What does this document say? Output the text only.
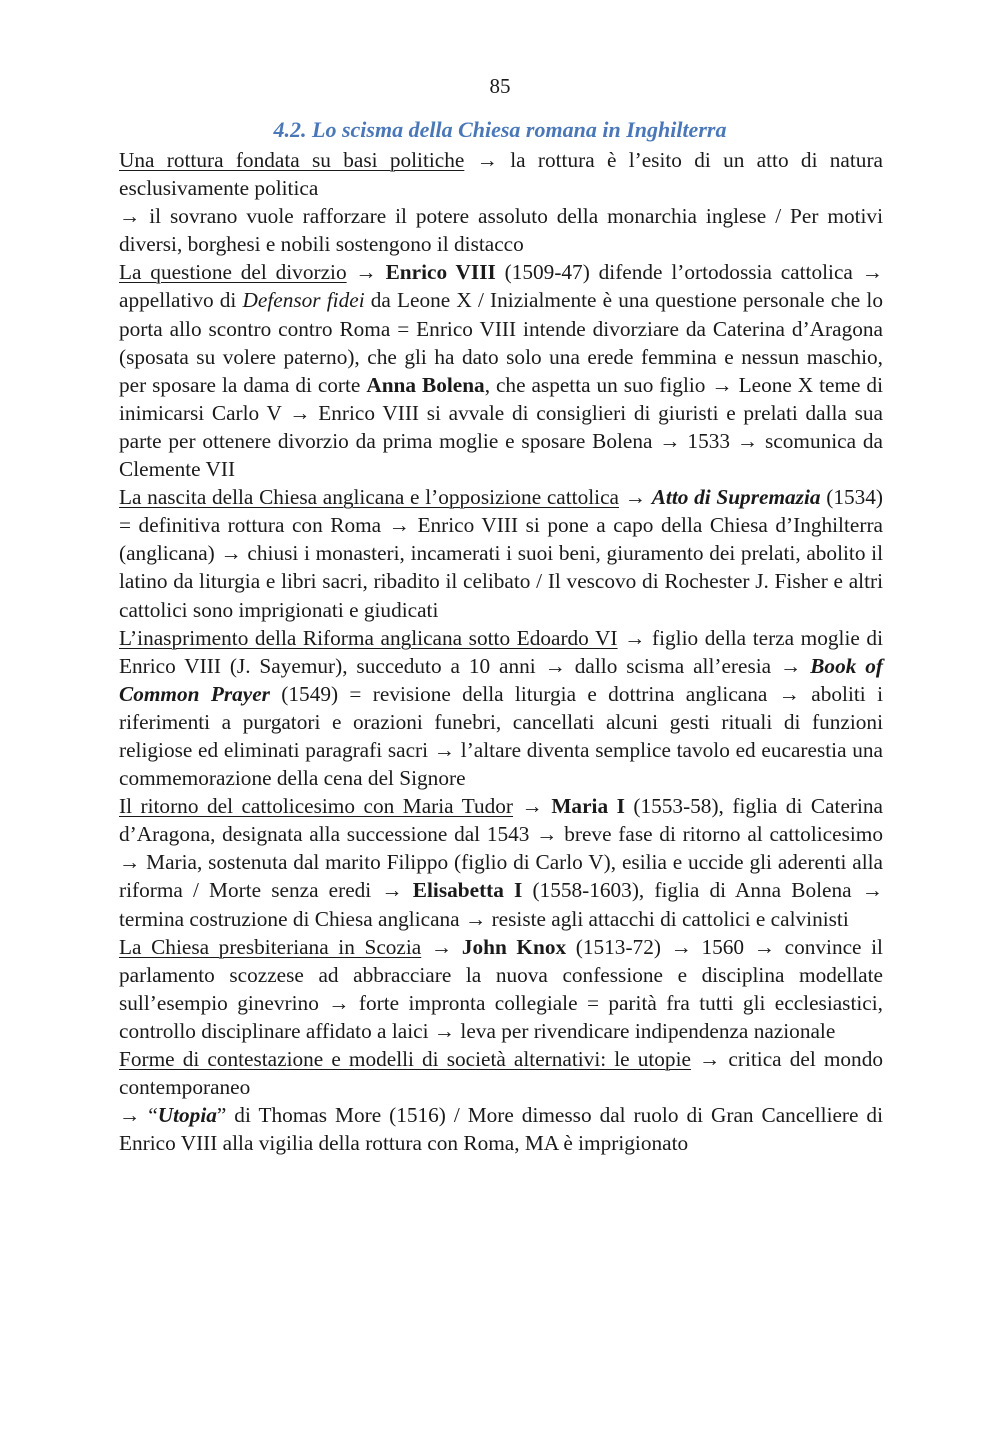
85
4.2. Lo scisma della Chiesa romana in Inghilterra

Una rottura fondata su basi politiche → la rottura è l’esito di un atto di natura esclusivamente politica

→ il sovrano vuole rafforzare il potere assoluto della monarchia inglese / Per motivi diversi, borghesi e nobili sostengono il distacco

La questione del divorzio → Enrico VIII (1509-47) difende l’ortodossia cattolica → appellativo di Defensor fidei da Leone X / Inizialmente è una questione personale che lo porta allo scontro contro Roma = Enrico VIII intende divorziare da Caterina d’Aragona (sposata su volere paterno), che gli ha dato solo una erede femmina e nessun maschio, per sposare la dama di corte Anna Bolena, che aspetta un suo figlio → Leone X teme di inimicarsi Carlo V → Enrico VIII si avvale di consiglieri di giuristi e prelati dalla sua parte per ottenere divorzio da prima moglie e sposare Bolena → 1533 → scomunica da Clemente VII

La nascita della Chiesa anglicana e l’opposizione cattolica → Atto di Supremazia (1534) = definitiva rottura con Roma → Enrico VIII si pone a capo della Chiesa d’Inghilterra (anglicana) → chiusi i monasteri, incamerati i suoi beni, giuramento dei prelati, abolito il latino da liturgia e libri sacri, ribadito il celibato / Il vescovo di Rochester J. Fisher e altri cattolici sono imprigionati e giudicati

L’inasprimento della Riforma anglicana sotto Edoardo VI → figlio della terza moglie di Enrico VIII (J. Sayemur), succeduto a 10 anni → dallo scisma all’eresia → Book of Common Prayer (1549) = revisione della liturgia e dottrina anglicana → aboliti i riferimenti a purgatori e orazioni funebri, cancellati alcuni gesti rituali di funzioni religiose ed eliminati paragrafi sacri → l’altare diventa semplice tavolo ed eucarestia una commemorazione della cena del Signore

Il ritorno del cattolicesimo con Maria Tudor → Maria I (1553-58), figlia di Caterina d’Aragona, designata alla successione dal 1543 → breve fase di ritorno al cattolicesimo → Maria, sostenuta dal marito Filippo (figlio di Carlo V), esilia e uccide gli aderenti alla riforma / Morte senza eredi → Elisabetta I (1558-1603), figlia di Anna Bolena → termina costruzione di Chiesa anglicana → resiste agli attacchi di cattolici e calvinisti

La Chiesa presbiteriana in Scozia → John Knox (1513-72) → 1560 → convince il parlamento scozzese ad abbracciare la nuova confessione e disciplina modellate sull’esempio ginevrino → forte impronta collegiale = parità fra tutti gli ecclesiastici, controllo disciplinare affidato a laici → leva per rivendicare indipendenza nazionale

Forme di contestazione e modelli di società alternativi: le utopie → critica del mondo contemporaneo

→ “Utopia” di Thomas More (1516) / More dimesso dal ruolo di Gran Cancelliere di Enrico VIII alla vigilia della rottura con Roma, MA è imprigionato
